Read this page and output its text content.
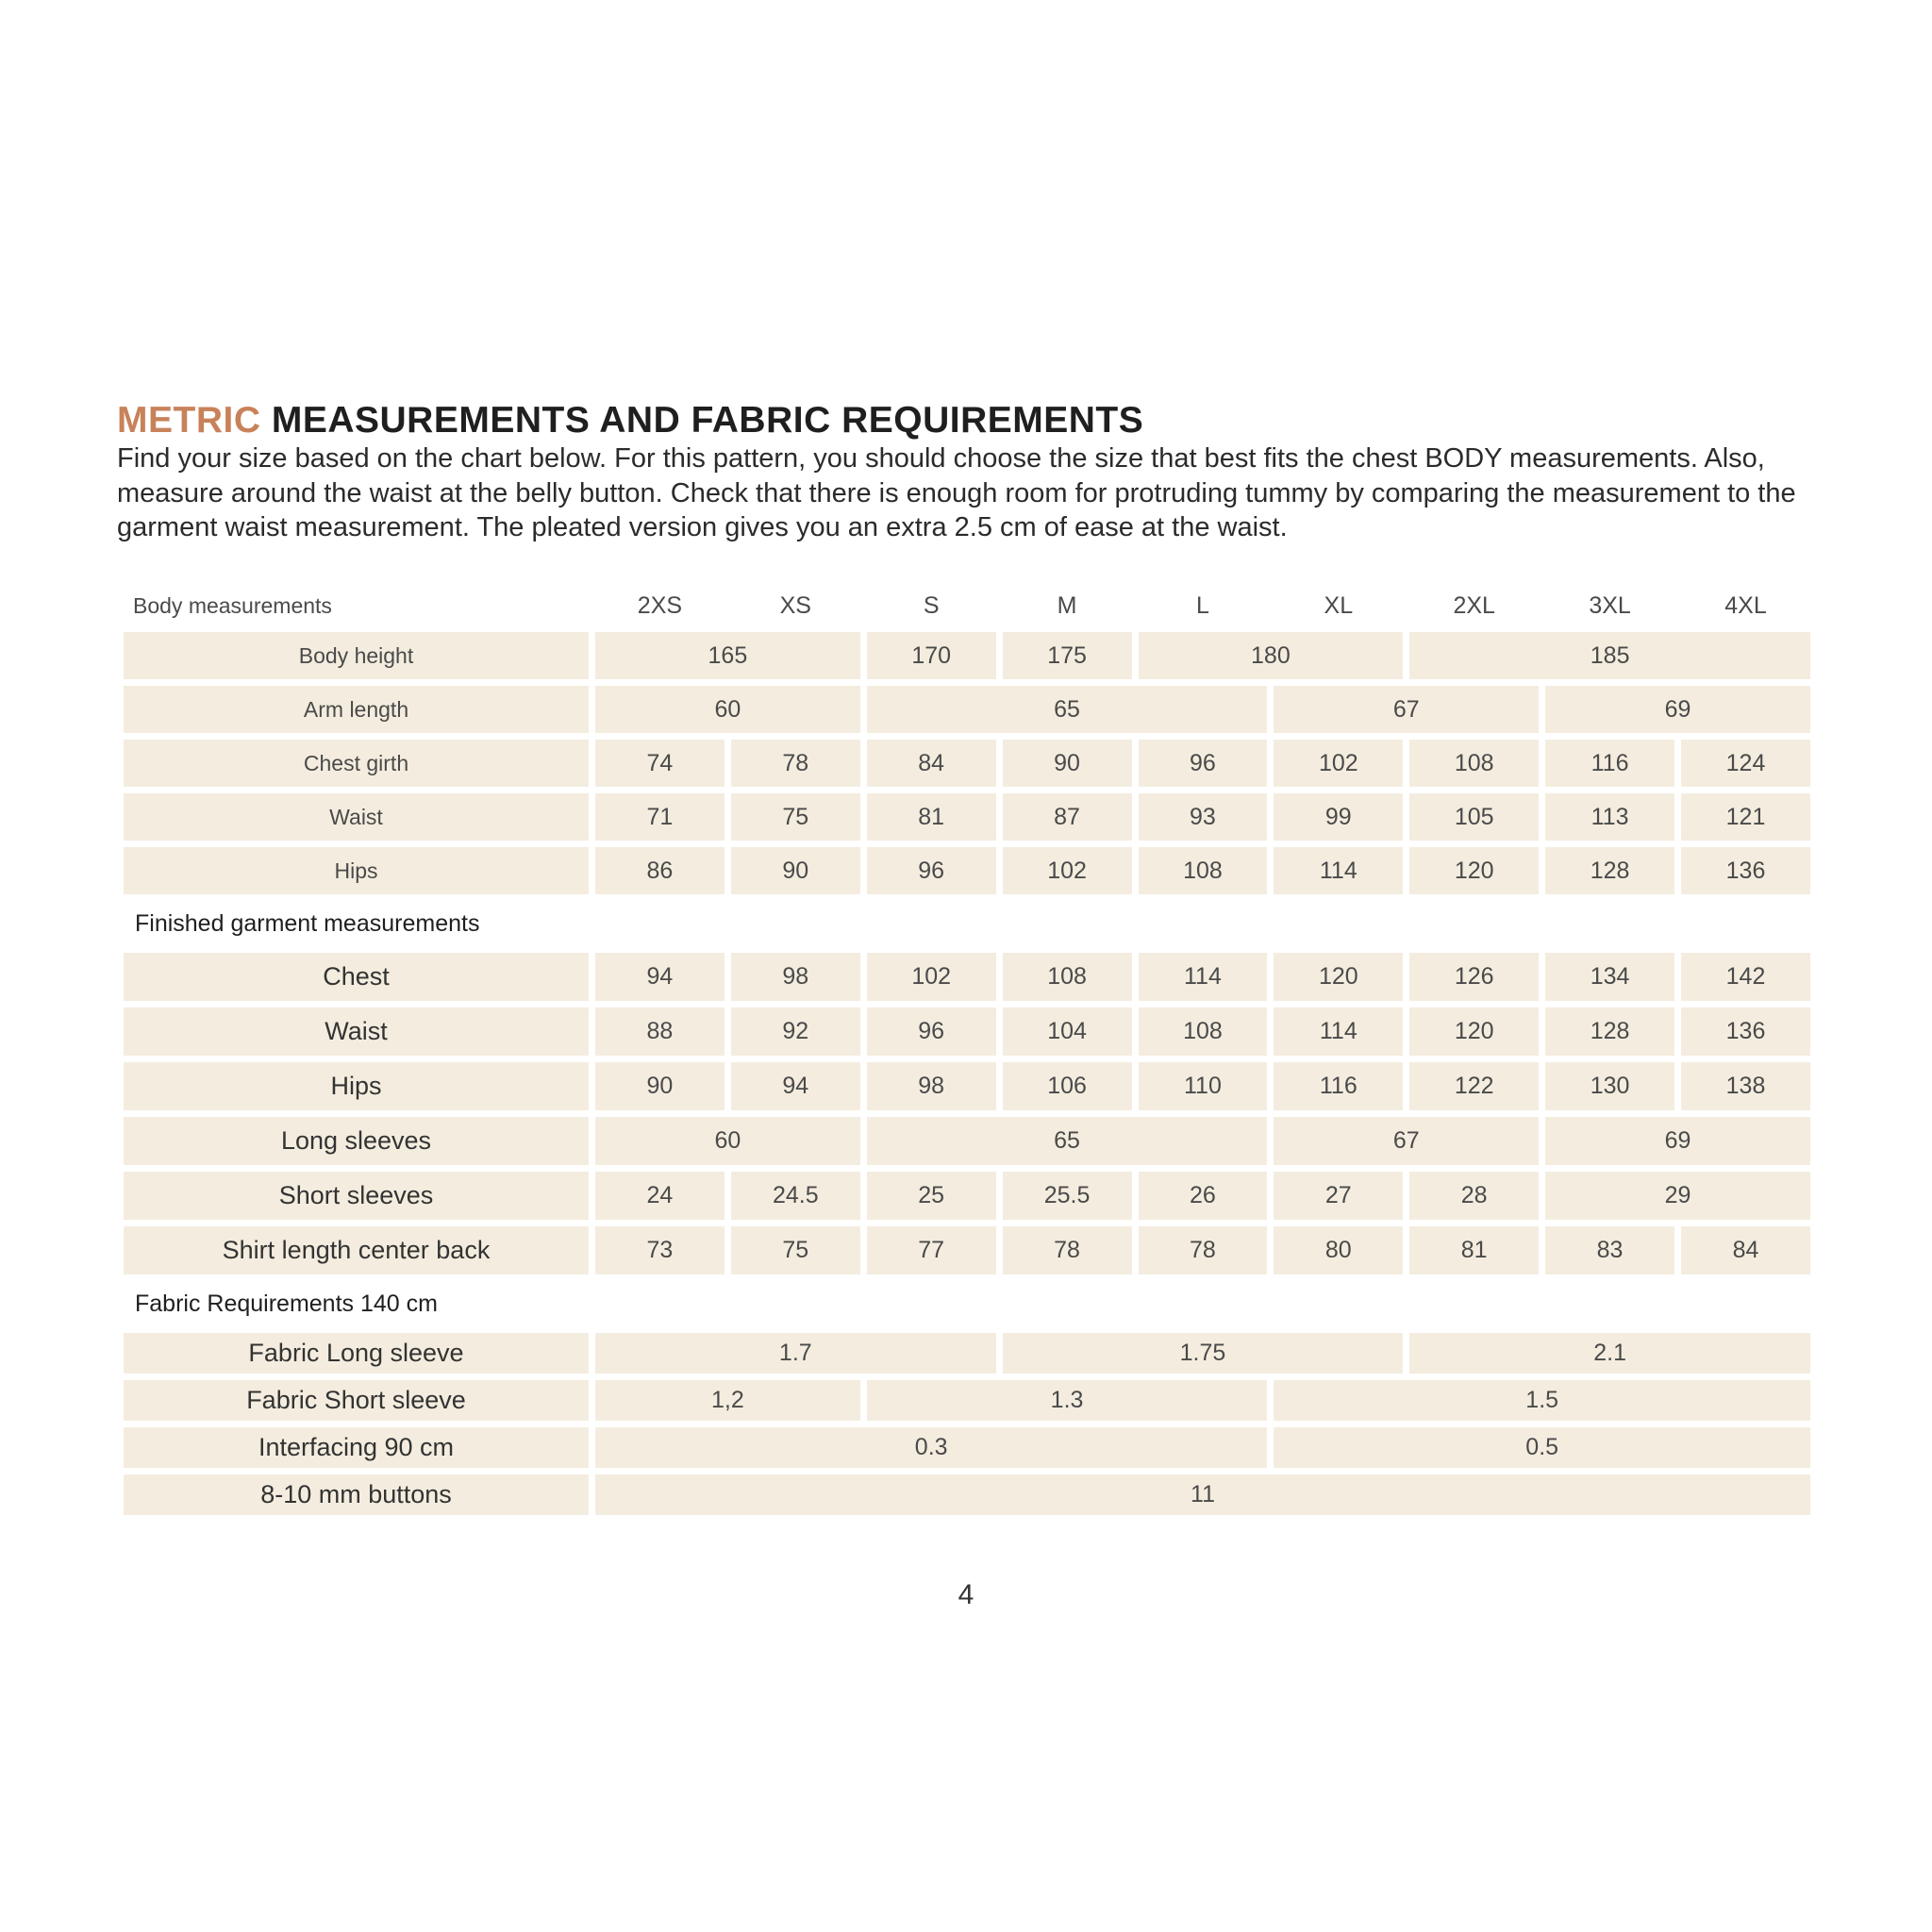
METRIC MEASUREMENTS AND FABRIC REQUIREMENTS

Find your size based on the chart below. For this pattern, you should choose the size that best fits the chest BODY measurements. Also, measure around the waist at the belly button. Check that there is enough room for protruding tummy by comparing the measurement to the garment waist measurement. The pleated version gives you an extra 2.5 cm of ease at the waist.

Body measurements	2XS	XS	S	M	L	XL	2XL	3XL	4XL
Body height	165		170	175	180		185		
Arm length	60		65			67		69	
Chest girth	74	78	84	90	96	102	108	116	124
Waist	71	75	81	87	93	99	105	113	121
Hips	86	90	96	102	108	114	120	128	136
Finished garment measurements									
Chest	94	98	102	108	114	120	126	134	142
Waist	88	92	96	104	108	114	120	128	136
Hips	90	94	98	106	110	116	122	130	138
Long sleeves	60		65			67		69	
Short sleeves	24	24.5	25	25.5	26	27	28	29	
Shirt length center back	73	75	77	78	78	80	81	83	84
Fabric Requirements 140 cm									
Fabric Long sleeve	1.7			1.75			2.1		
Fabric Short sleeve	1,2		1.3			1.5			
Interfacing 90 cm	0.3					0.5			
8-10 mm buttons	11								
4
